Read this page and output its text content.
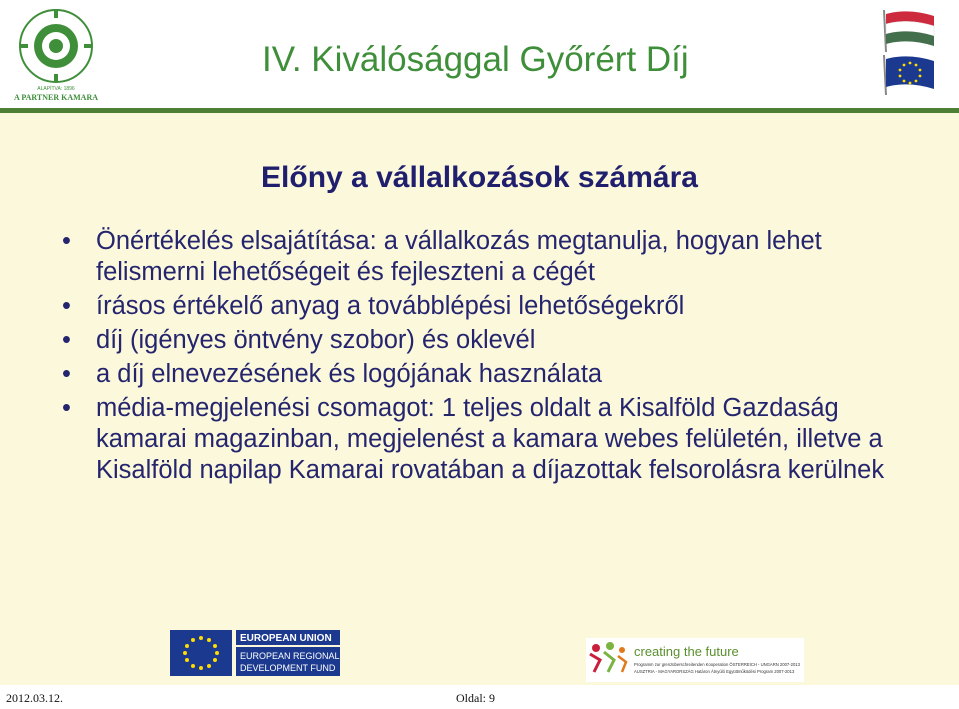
ALAPÍTVA: 1896
A PARTNER KAMARA
IV. Kiválósággal Győrért Díj
Előny a vállalkozások számára
• Önértékelés elsajátítása: a vállalkozás megtanulja, hogyan lehet felismerni lehetőségeit és fejleszteni a cégét
• írásos értékelő anyag a továbblépési lehetőségekről
• díj (igényes öntvény szobor) és oklevél
• a díj elnevezésének és logójának használata
• média-megjelenési csomagot: 1 teljes oldalt a Kisalföld Gazdaság kamarai magazinban, megjelenést a kamara webes felületén, illetve a Kisalföld napilap Kamarai rovatában a díjazottak felsorolásra kerülnek
EUROPEAN UNION
EUROPEAN REGIONAL
DEVELOPMENT FUND
creating the future
Programm zur grenzüberschreitenden Kooperation ÖSTERREICH - UNGARN 2007-2013
AUSZTRIA - MAGYARORSZÁG Határon Átnyúló Együttműködési Program 2007-2013
2012.03.12.	Oldal: 9
